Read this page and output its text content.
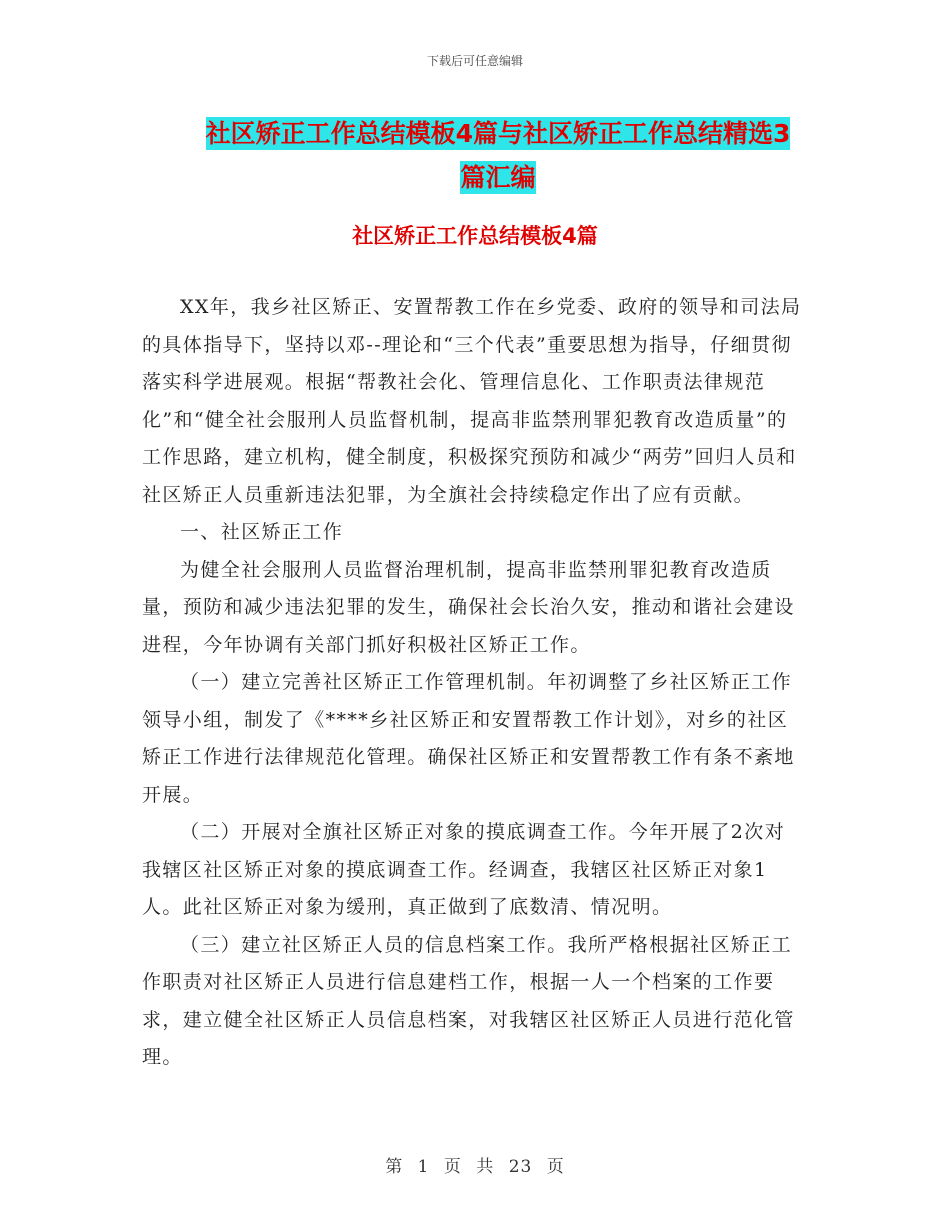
下载后可任意编辑
社区矫正工作总结模板4篇与社区矫正工作总结精选3
篇汇编
社区矫正工作总结模板4篇

XX年，我乡社区矫正、安置帮教工作在乡党委、政府的领导和司法局的具体指导下，坚持以邓--理论和“三个代表”重要思想为指导，仔细贯彻落实科学进展观。根据“帮教社会化、管理信息化、工作职责法律规范化”和“健全社会服刑人员监督机制，提高非监禁刑罪犯教育改造质量”的工作思路，建立机构，健全制度，积极探究预防和减少“两劳”回归人员和社区矫正人员重新违法犯罪，为全旗社会持续稳定作出了应有贡献。

一、社区矫正工作

为健全社会服刑人员监督治理机制，提高非监禁刑罪犯教育改造质量，预防和减少违法犯罪的发生，确保社会长治久安，推动和谐社会建设进程，今年协调有关部门抓好积极社区矫正工作。

（一）建立完善社区矫正工作管理机制。年初调整了乡社区矫正工作领导小组，制发了《****乡社区矫正和安置帮教工作计划》，对乡的社区矫正工作进行法律规范化管理。确保社区矫正和安置帮教工作有条不紊地开展。

（二）开展对全旗社区矫正对象的摸底调查工作。今年开展了2次对我辖区社区矫正对象的摸底调查工作。经调查，我辖区社区矫正对象1人。此社区矫正对象为缓刑，真正做到了底数清、情况明。

（三）建立社区矫正人员的信息档案工作。我所严格根据社区矫正工作职责对社区矫正人员进行信息建档工作，根据一人一个档案的工作要求，建立健全社区矫正人员信息档案，对我辖区社区矫正人员进行范化管理。

第 1 页 共 23 页
